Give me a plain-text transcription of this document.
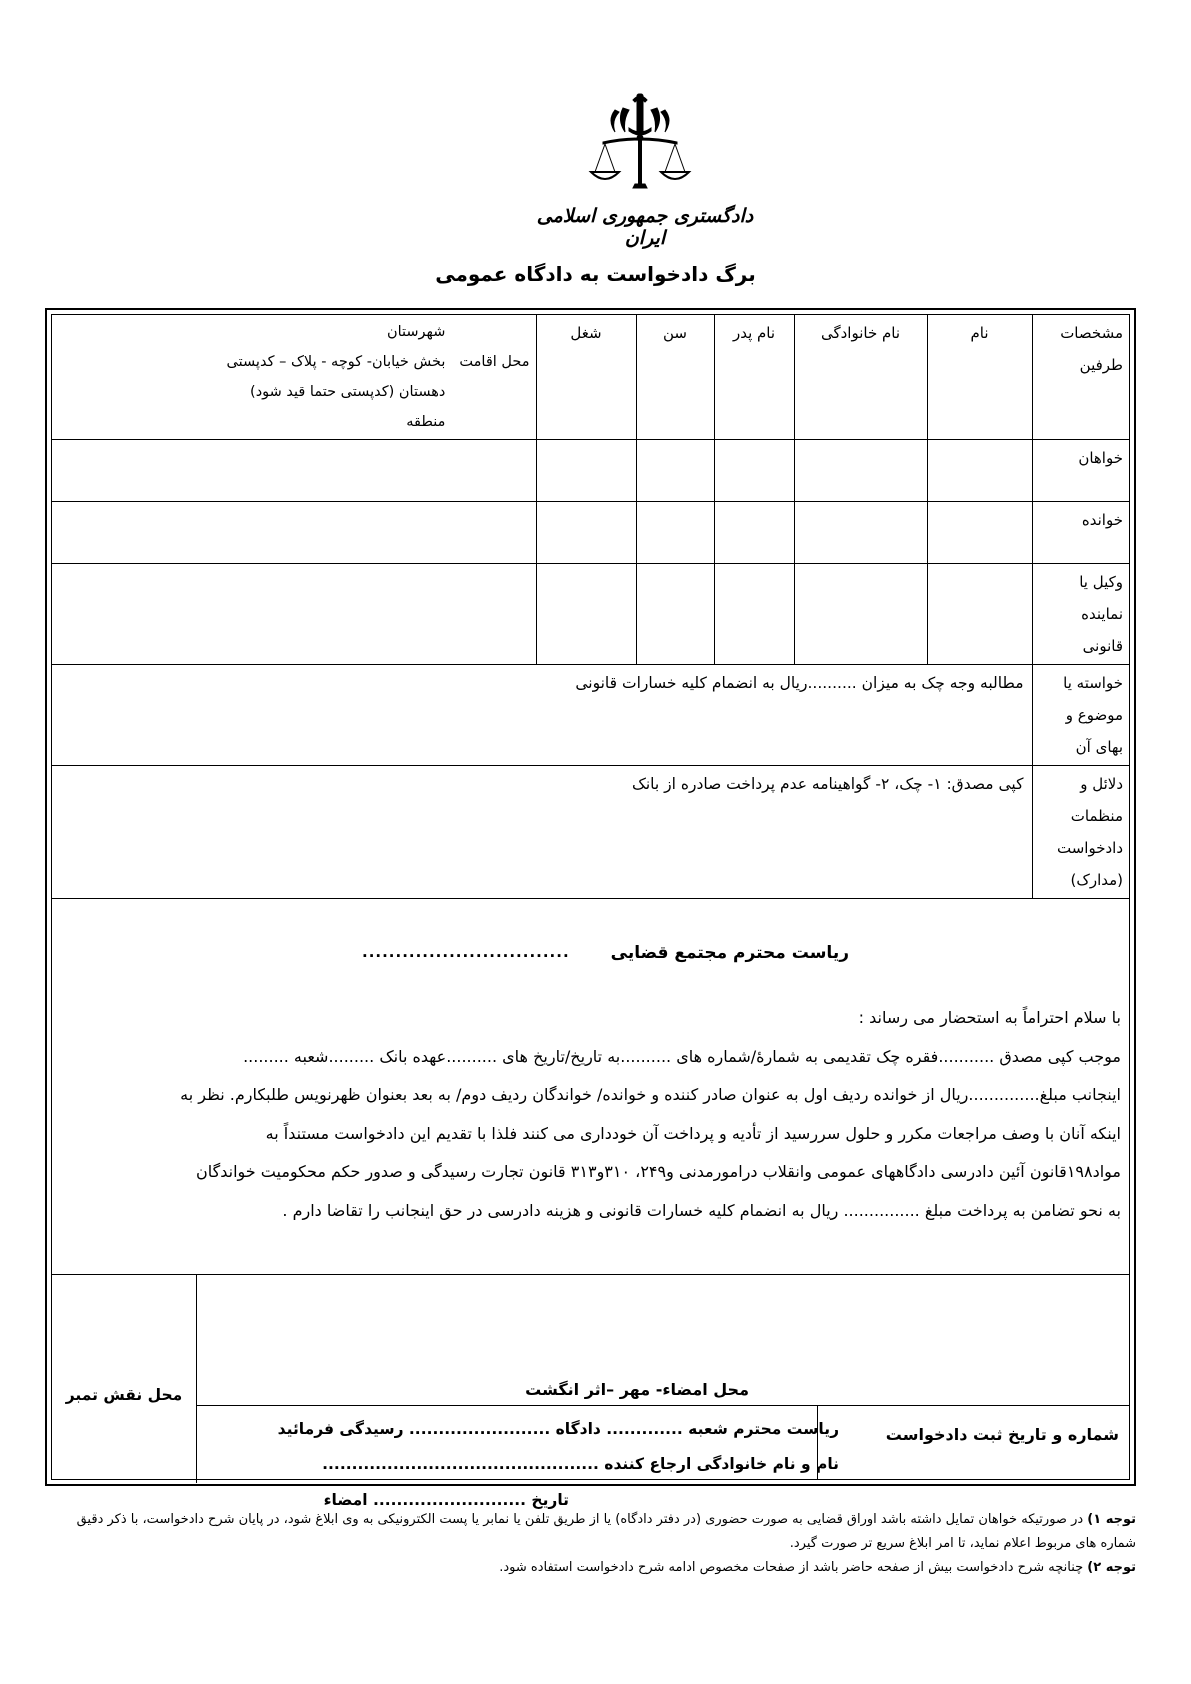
دادگستری جمهوری اسلامی ایران
برگ دادخواست به دادگاه عمومی
مشخصات طرفین	نام	نام خانوادگی	نام پدر	سن	شغل	محل اقامت
شهرستان
بخش خیابان- کوچه - پلاک – کدپستی
دهستان (کدپستی حتما قید شود)
منطقه

خواهان						
خوانده						
وکیل یا نماینده قانونی						
خواسته یا موضوع و بهای آن	مطالبه وجه چک به میزان ..........ریال به انضمام کلیه خسارات قانونی					
دلائل و منظمات دادخواست (مدارک)	کپی مصدق: ۱- چک، ۲- گواهینامه عدم پرداخت صادره از بانک					
ریاست محترم مجتمع قضایی
...............................

با سلام احتراماً به استحضار می رساند :

موجب کپی مصدق ...........فقره چک تقدیمی به شمارۀ/شماره های ..........به تاریخ/تاریخ های ..........عهده بانک .........شعبه .........

اینجانب مبلغ..............ریال از خوانده ردیف اول به عنوان صادر کننده و خوانده/ خواندگان ردیف دوم/ به بعد بعنوان ظهرنویس طلبکارم. نظر به

اینکه آنان با وصف مراجعات مکرر و حلول سررسید از تأدیه و پرداخت آن خودداری می کنند فلذا با تقدیم این دادخواست مستنداً به

مواد۱۹۸قانون آئین دادرسی دادگاههای عمومی وانقلاب درامورمدنی و۲۴۹، ۳۱۰و۳۱۳ قانون تجارت رسیدگی و صدور حکم محکومیت خواندگان

به نحو تضامن به پرداخت مبلغ ............... ریال به انضمام کلیه خسارات قانونی و هزینه دادرسی در حق اینجانب را تقاضا دارم .

محل نقش تمبر	محل امضاء- مهر –اثر انگشت
شماره و تاریخ ثبت دادخواست
ریاست محترم شعبه ............. دادگاه ........................ رسیدگی فرمائید
نام و نام خانوادگی ارجاع کننده ...............................................
تاریخ .......................... امضاء

توجه ۱) در صورتیکه خواهان تمایل داشته باشد اوراق قضایی به صورت حضوری (در دفتر دادگاه) یا از طریق تلفن یا نمابر یا پست الکترونیکی به وی ابلاغ شود، در پایان شرح دادخواست، با ذکر دقیق شماره های مربوط اعلام نماید، تا امر ابلاغ سریع تر صورت گیرد.

توجه ۲) چنانچه شرح دادخواست بیش از صفحه حاضر باشد از صفحات مخصوص ادامه شرح دادخواست استفاده شود.
